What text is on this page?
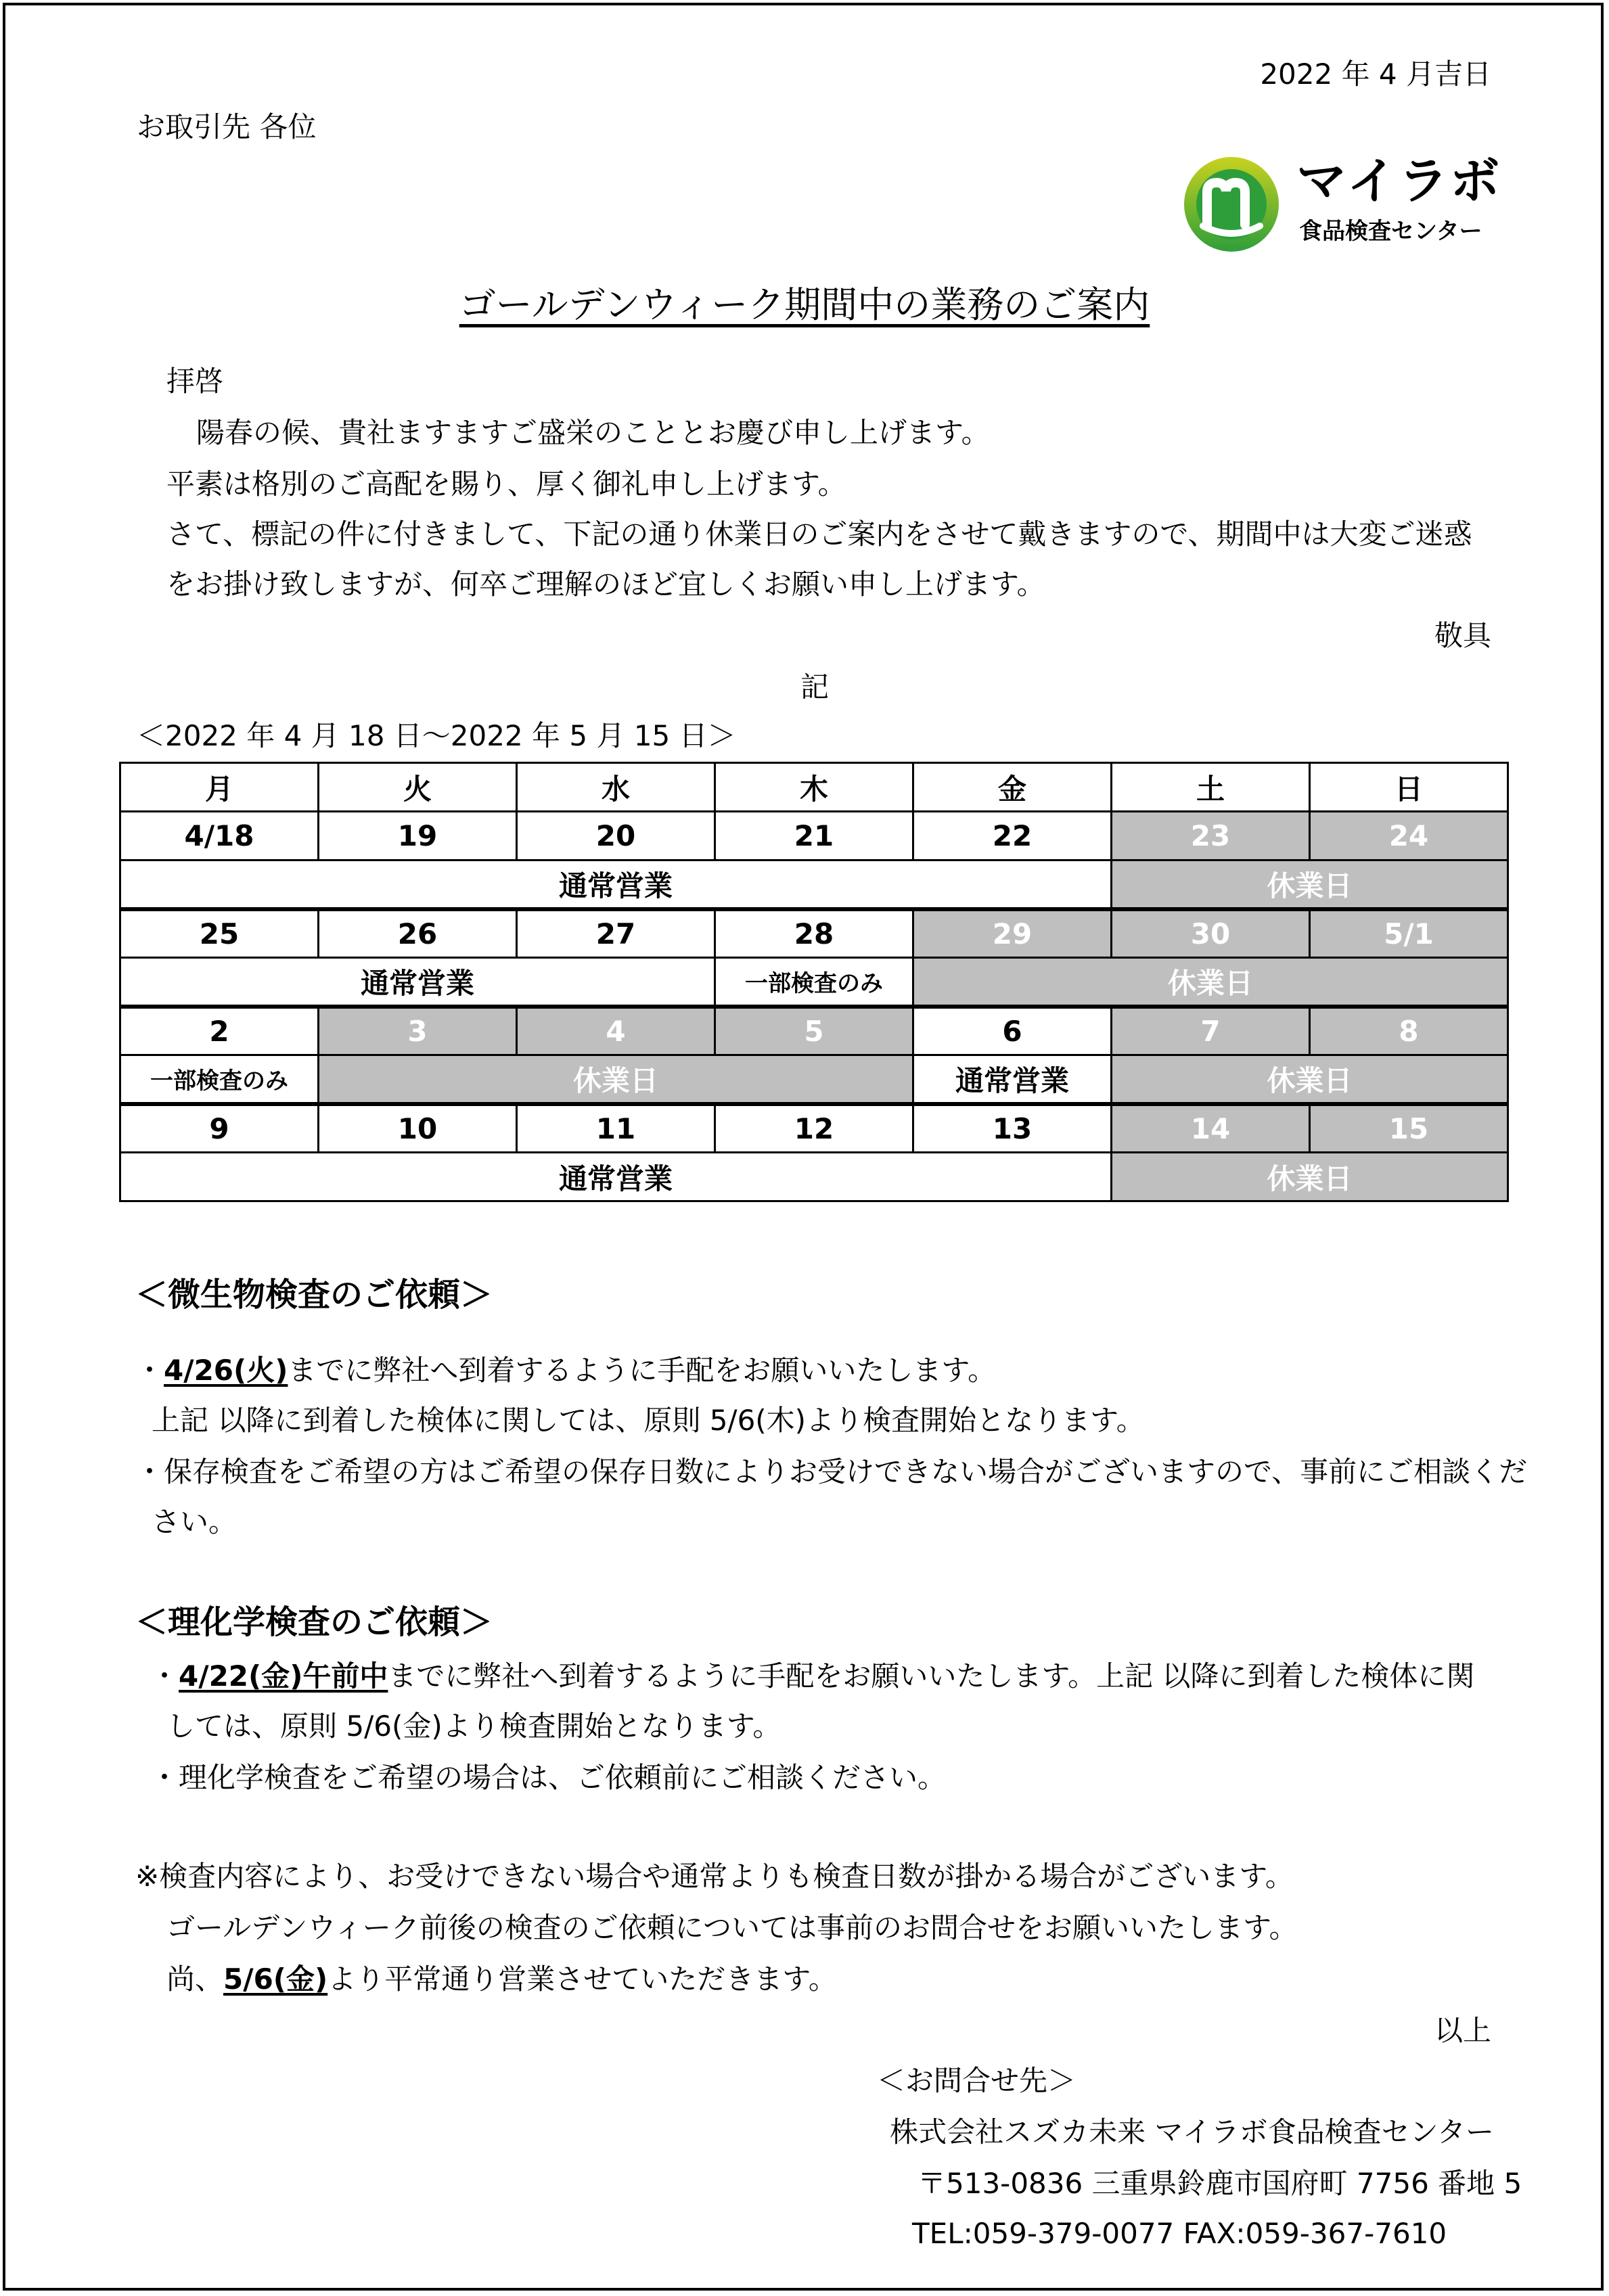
2022 年 4 月吉日
お取引先 各位
マイラボ
食品検査センター
ゴールデンウィーク期間中の業務のご案内
拝啓
陽春の候、貴社ますますご盛栄のこととお慶び申し上げます。
平素は格別のご高配を賜り、厚く御礼申し上げます。
さて、標記の件に付きまして、下記の通り休業日のご案内をさせて戴きますので、期間中は大変ご迷惑
をお掛け致しますが、何卒ご理解のほど宜しくお願い申し上げます。
敬具
記
＜2022 年 4 月 18 日～2022 年 5 月 15 日＞
月	火	水	木	金	土	日
4/18	19	20	21	22	23	24
通常営業					休業日	
25	26	27	28	29	30	5/1
通常営業			一部検査のみ	休業日		
2	3	4	5	6	7	8
一部検査のみ	休業日			通常営業	休業日	
9	10	11	12	13	14	15
通常営業					休業日	
＜微生物検査のご依頼＞
・4/26(火)までに弊社へ到着するように手配をお願いいたします。
上記 以降に到着した検体に関しては、原則 5/6(木)より検査開始となります。
・保存検査をご希望の方はご希望の保存日数によりお受けできない場合がございますので、事前にご相談くだ
さい。
＜理化学検査のご依頼＞
・4/22(金)午前中までに弊社へ到着するように手配をお願いいたします。上記 以降に到着した検体に関
しては、原則 5/6(金)より検査開始となります。
・理化学検査をご希望の場合は、ご依頼前にご相談ください。
※検査内容により、お受けできない場合や通常よりも検査日数が掛かる場合がございます。
ゴールデンウィーク前後の検査のご依頼については事前のお問合せをお願いいたします。
尚、5/6(金)より平常通り営業させていただきます。
以上
＜お問合せ先＞
株式会社スズカ未来 マイラボ食品検査センター
〒513-0836 三重県鈴鹿市国府町 7756 番地 5
TEL:059-379-0077 FAX:059-367-7610
